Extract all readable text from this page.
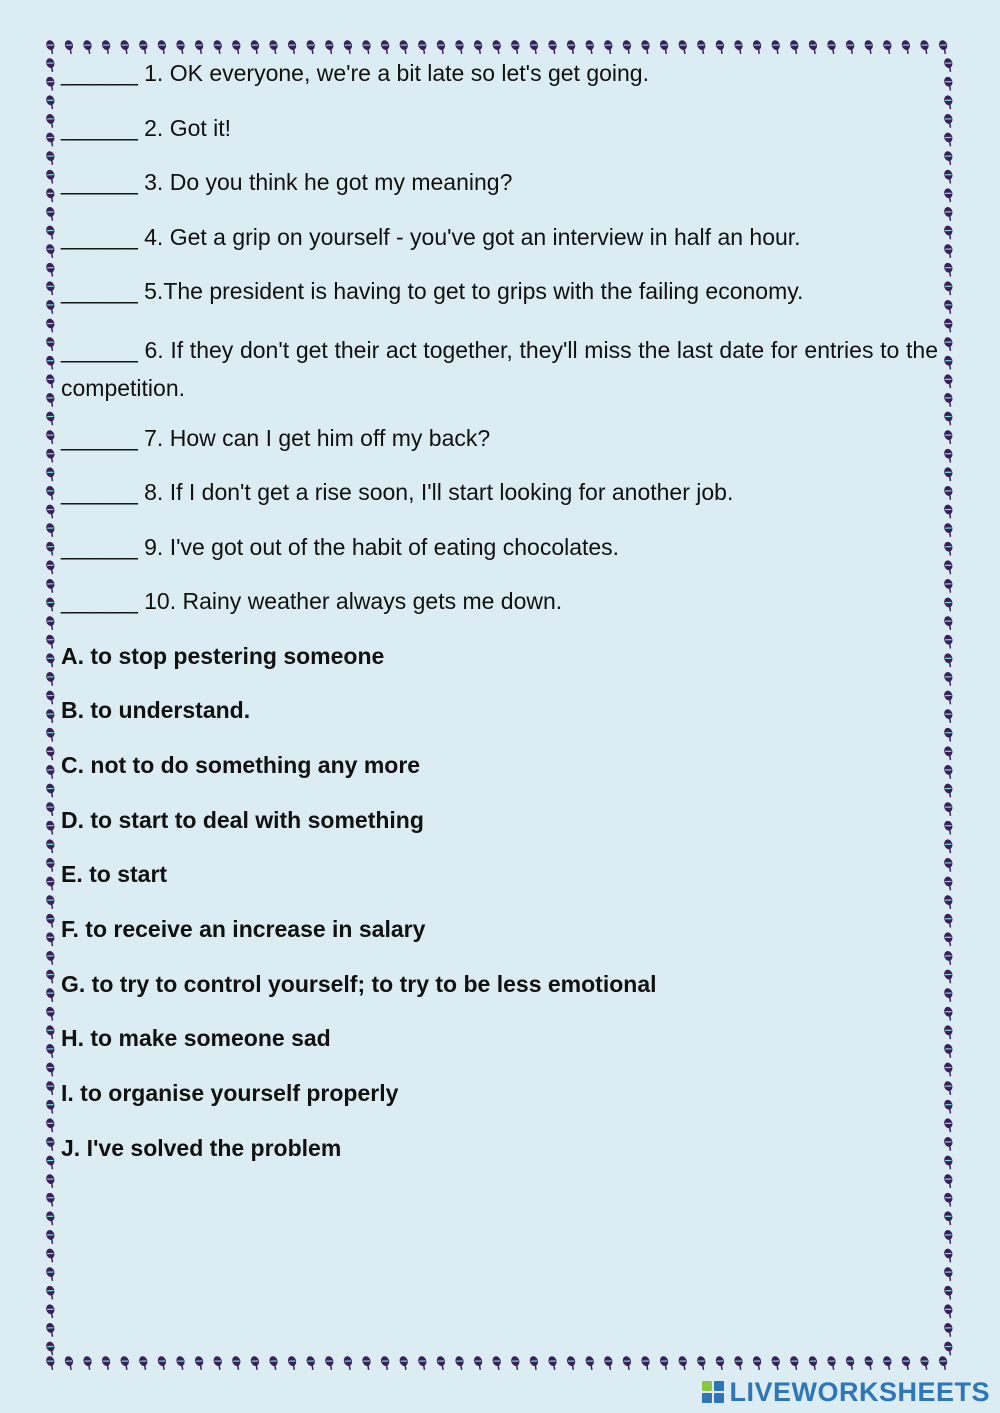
______ 1. OK everyone, we're a bit late so let's get going.

______ 2. Got it!

______ 3. Do you think he got my meaning?

______ 4. Get a grip on yourself - you've got an interview in half an hour.

______ 5.The president is having to get to grips with the failing economy.

______ 6. If they don't get their act together, they'll miss the last date for entries to the competition.

______ 7. How can I get him off my back?

______ 8. If I don't get a rise soon, I'll start looking for another job.

______ 9. I've got out of the habit of eating chocolates.

______ 10. Rainy weather always gets me down.

A. to stop pestering someone

B. to understand.

C. not to do something any more

D. to start to deal with something

E. to start

F. to receive an increase in salary

G. to try to control yourself; to try to be less emotional

H. to make someone sad

I. to organise yourself properly

J. I've solved the problem

LIVEWORKSHEETS
